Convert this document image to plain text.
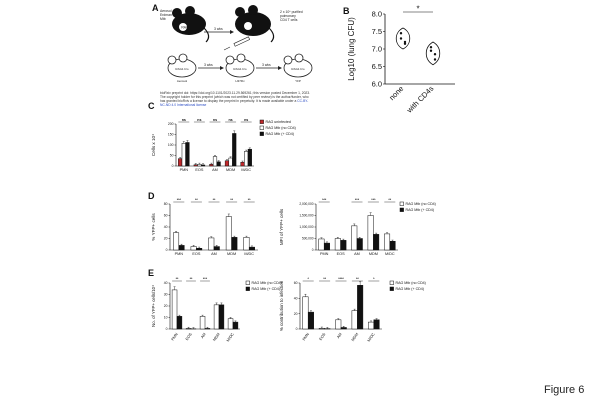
A	B
C
D
E
RAG
Aerosol Erdman Mtb
3 wks
2 x 10⁶ purified pulmonary CD4 T cells
RAG1 b/o
Aerosol
3 wks
RAG1 b/o
H37Rv
3 wks
RAG1 b/o
YFP
bioRxiv preprint doi: https://doi.org/10.1101/2023.11.29.569261; this version posted December 1, 2023. The copyright holder for this preprint (which was not certified by peer review) is the author/funder, who has granted bioRxiv a license to display the preprint in perpetuity. It is made available under a CC-BY-NC-ND 4.0 International license
8.0
7.5
7.0
6.5
6.0
Log10 (lung CFU)
none with CD4s
*
200
150
100
50
0
Cells x 10⁴
PMN
ns
EOS
ns
AM
ns
MDM
ns
M/DC
ns	RAG uninfected
RAG Mtb (no CD4)
RAG Mtb (+ CD4)
80
60
40
20
0
% YFP+ cells
PMN
***
EOS
**
AM
**
MDM
**
M/DC
**
2,000,000
1,500,000
1,000,000
500,000
0
MFI of YFP+ cells
PMN
***
EOS	AM
***
MDM
***
M/DC
**
RAG Mtb (no CD4)
RAG Mtb (+ CD4)
40
30
20
10
0
No. of YFP+ cells/10⁴
PMN
**
EOS
**
AM
***
MDM M/DC
RAG Mtb (no CD4)
RAG Mtb (+ CD4)
60
40
20
0
% contribution to infection
PMN
*
EOS
**
AM
****
MDM
**
M/DC
*
RAG Mtb (no CD4)
RAG Mtb (+ CD4)
Figure 6
